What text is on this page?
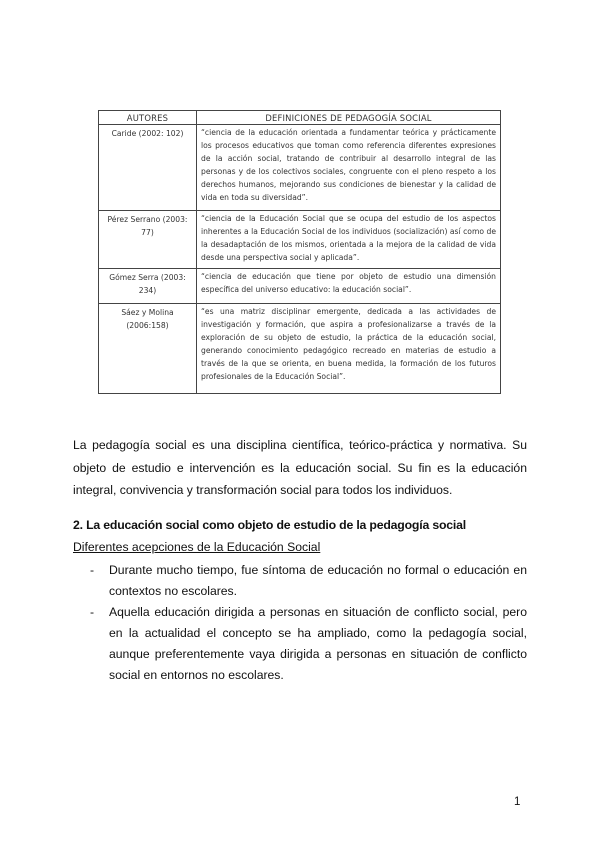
AUTORES	DEFINICIONES DE PEDAGOGÍA SOCIAL
Caride (2002: 102)	“ciencia de la educación orientada a fundamentar teórica y prácticamente los procesos educativos que toman como referencia diferentes expresiones de la acción social, tratando de contribuir al desarrollo integral de las personas y de los colectivos sociales, congruente con el pleno respeto a los derechos humanos, mejorando sus condiciones de bienestar y la calidad de vida en toda su diversidad”.
Pérez Serrano (2003: 77)	“ciencia de la Educación Social que se ocupa del estudio de los aspectos inherentes a la Educación Social de los individuos (socialización) así como de la desadaptación de los mismos, orientada a la mejora de la calidad de vida desde una perspectiva social y aplicada”.
Gómez Serra (2003: 234)	“ciencia de educación que tiene por objeto de estudio una dimensión específica del universo educativo: la educación social”.
Sáez y Molina (2006:158)	“es una matriz disciplinar emergente, dedicada a las actividades de investigación y formación, que aspira a profesionalizarse a través de la exploración de su objeto de estudio, la práctica de la educación social, generando conocimiento pedagógico recreado en materias de estudio a través de la que se orienta, en buena medida, la formación de los futuros profesionales de la Educación Social”.

La pedagogía social es una disciplina científica, teórico-práctica y normativa. Su objeto de estudio e intervención es la educación social. Su fin es la educación integral, convivencia y transformación social para todos los individuos.

2. La educación social como objeto de estudio de la pedagogía social

Diferentes acepciones de la Educación Social

- Durante mucho tiempo, fue síntoma de educación no formal o educación en contextos no escolares.
- Aquella educación dirigida a personas en situación de conflicto social, pero en la actualidad el concepto se ha ampliado, como la pedagogía social, aunque preferentemente vaya dirigida a personas en situación de conflicto social en entornos no escolares.

1
